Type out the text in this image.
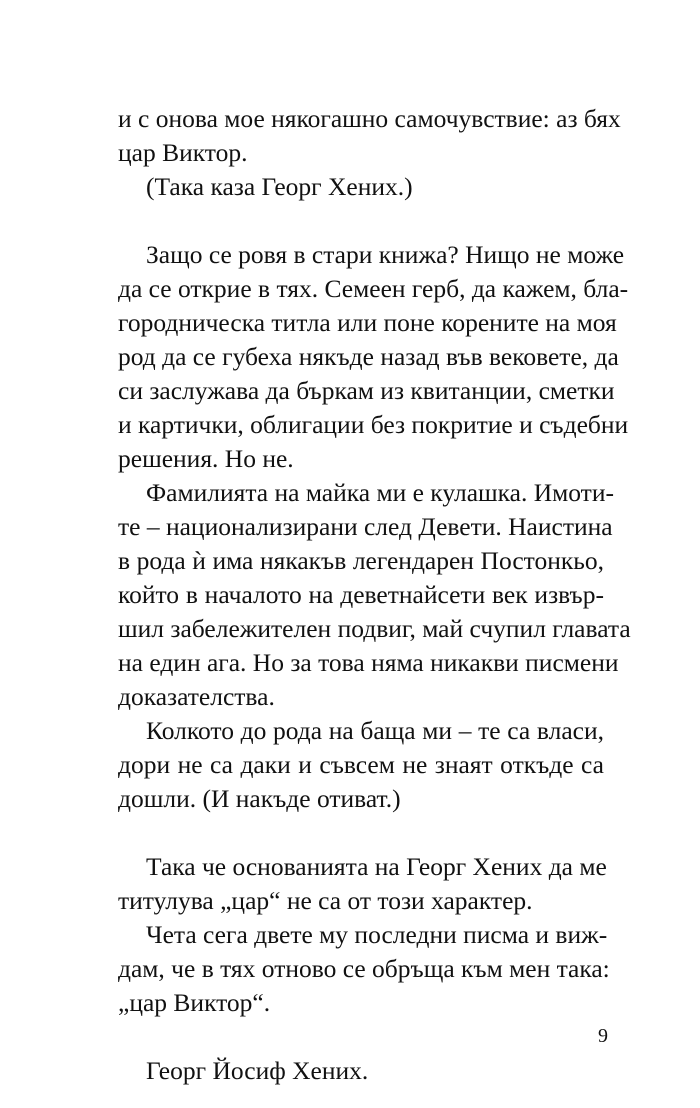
и с онова мое някогашно самочувствие: аз бях
цар Виктор.
(Така каза Георг Хених.)
Защо се ровя в стари книжа? Нищо не може
да се открие в тях. Семеен герб, да кажем, бла-
городническа титла или поне корените на моя
род да се губеха някъде назад във вековете, да
си заслужава да бъркам из квитанции, сметки
и картички, облигации без покритие и съдебни
решения. Но не.
Фамилията на майка ми е кулашка. Имоти-
те – национализирани след Девети. Наистина
в рода ѝ има някакъв легендарен Постонкьо,
който в началото на деветнайсети век извър-
шил забележителен подвиг, май счупил главата
на един ага. Но за това няма никакви писмени
доказателства.
Колкото до рода на баща ми – те са власи,
дори не са даки и съвсем не знаят откъде са
дошли. (И накъде отиват.)
Така че основанията на Георг Хених да ме
титулува „цар“ не са от този характер.
Чета сега двете му последни писма и виж-
дам, че в тях отново се обръща към мен така:
„цар Виктор“.
Георг Йосиф Хених.
9
